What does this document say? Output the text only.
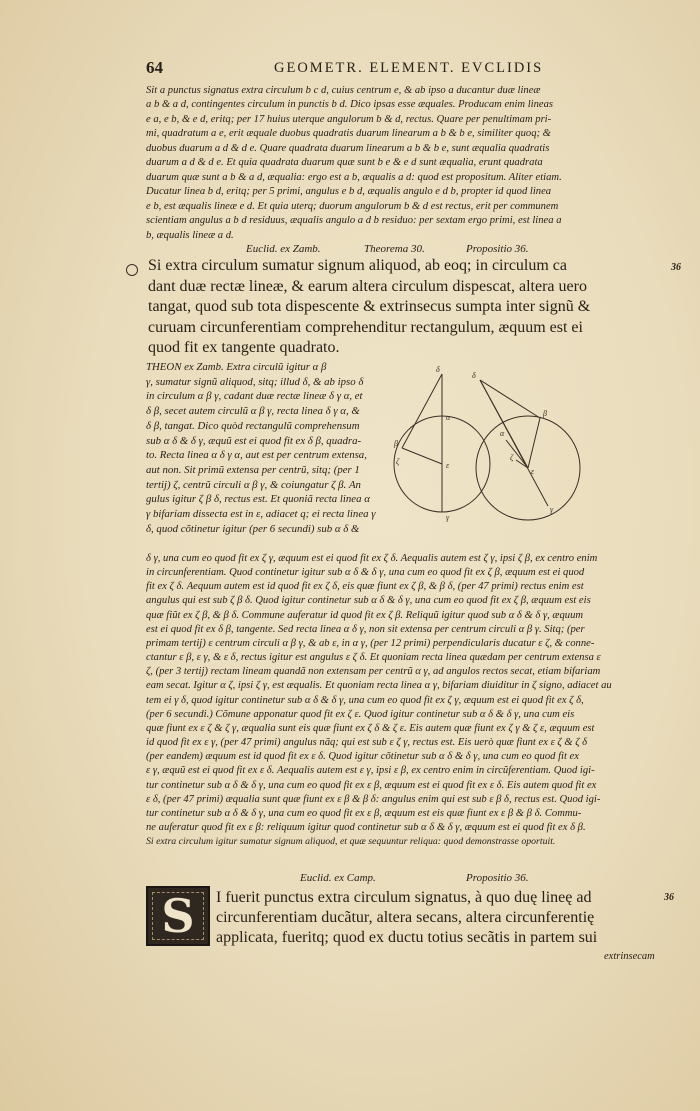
64	GEOMETR. ELEMENT. EVCLIDIS
Sit a punctus signatus extra circulum b c d, cuius centrum e, & ab ipso a ducantur duæ lineæ
a b & a d, contingentes circulum in punctis b d. Dico ipsas esse æquales. Producam enim lineas
e a, e b, & e d, eritq; per 17 huius uterque angulorum b & d, rectus. Quare per penultimam pri-
mi, quadratum a e, erit æquale duobus quadratis duarum linearum a b & b e, similiter quoq; &
duobus duarum a d & d e. Quare quadrata duarum linearum a b & b e, sunt æqualia quadratis
duarum a d & d e. Et quia quadrata duarum quæ sunt b e & e d sunt æqualia, erunt quadrata
duarum quæ sunt a b & a d, æqualia: ergo est a b, æqualis a d: quod est propositum. Aliter etiam.
Ducatur linea b d, eritq; per 5 primi, angulus e b d, æqualis angulo e d b, propter id quod linea
e b, est æqualis lineæ e d. Et quia uterq; duorum angulorum b & d est rectus, erit per communem
scientiam angulus a b d residuus, æqualis angulo a d b residuo: per sextam ergo primi, est linea a
b, æqualis lineæ a d.
Euclid. ex Zamb.	Theorema 30.	Propositio 36.
36
Si extra circulum sumatur signum aliquod, ab eoq; in circulum ca
dant duæ rectæ lineæ, & earum altera circulum dispescat, altera uero
tangat, quod sub tota dispescente & extrinsecus sumpta inter signũ &
curuam circunferentiam comprehenditur rectangulum, æquum est ei
quod fit ex tangente quadrato.
THEON ex Zamb. Extra circulũ igitur α β
γ, sumatur signũ aliquod, sitq; illud δ, & ab ipso δ
in circulum α β γ, cadant duæ rectæ lineæ δ γ α, et
δ β, secet autem circulũ α β γ, recta linea δ γ α, &
δ β, tangat. Dico quòd rectangulũ comprehensum
sub α δ & δ γ, æquũ est ei quod fit ex δ β, quadra-
to. Recta linea α δ γ α, aut est per centrum extensa,
aut non. Sit primũ extensa per centrũ, sitq; (per 1
tertij) ζ, centrũ circuli α β γ, & coiungatur ζ β. An
gulus igitur ζ β δ, rectus est. Et quoniã recta linea α
γ bifariam dissecta est in ε, adiacet q; ei recta linea γ
δ, quod cõtinetur igitur (per 6 secundi) sub α δ &
δ
α
β
ε
γ
ζ
δ
α
β
ε
γ
ζ
δ γ, una cum eo quod fit ex ζ γ, æquum est ei quod fit ex ζ δ. Aequalis autem est ζ γ, ipsi ζ β, ex centro enim
in circunferentiam. Quod continetur igitur sub α δ & δ γ, una cum eo quod fit ex ζ β, æquum est ei quod
fit ex ζ δ. Aequum autem est id quod fit ex ζ δ, eis quæ fiunt ex ζ β, & β δ, (per 47 primi) rectus enim est
angulus qui est sub ζ β δ. Quod igitur continetur sub α δ & δ γ, una cum eo quod fit ex ζ β, æquum est eis
quæ fiũt ex ζ β, & β δ. Commune auferatur id quod fit ex ζ β. Reliquũ igitur quod sub α δ & δ γ, æquum
est ei quod fit ex δ β, tangente. Sed recta linea α δ γ, non sit extensa per centrum circuli α β γ. Sitq; (per
primam tertij) ε centrum circuli α β γ, & ab ε, in α γ, (per 12 primi) perpendicularis ducatur ε ζ, & conne-
ctantur ε β, ε γ, & ε δ, rectus igitur est angulus ε ζ δ. Et quoniam recta linea quædam per centrum extensa ε
ζ, (per 3 tertij) rectam lineam quandã non extensam per centrũ α γ, ad angulos rectos secat, etiam bifariam
eam secat. Igitur α ζ, ipsi ζ γ, est æqualis. Et quoniam recta linea α γ, bifariam diuiditur in ζ signo, adiacet au
tem ei γ δ, quod igitur continetur sub α δ & δ γ, una cum eo quod fit ex ζ γ, æquum est ei quod fit ex ζ δ,
(per 6 secundi.) Cõmune apponatur quod fit ex ζ ε. Quod igitur continetur sub α δ & δ γ, una cum eis
quæ fiunt ex ε ζ & ζ γ, æqualia sunt eis quæ fiunt ex ζ δ & ζ ε. Eis autem quæ fiunt ex ζ γ & ζ ε, æquum est
id quod fit ex ε γ, (per 47 primi) angulus nãq; qui est sub ε ζ γ, rectus est. Eis uerò quæ fiunt ex ε ζ & ζ δ
(per eandem) æquum est id quod fit ex ε δ. Quod igitur cõtinetur sub α δ & δ γ, una cum eo quod fit ex
ε γ, æquũ est ei quod fit ex ε δ. Aequalis autem est ε γ, ipsi ε β, ex centro enim in circũferentiam. Quod igi-
tur continetur sub α δ & δ γ, una cum eo quod fit ex ε β, æquum est ei quod fit ex ε δ. Eis autem quod fit ex
ε δ, (per 47 primi) æqualia sunt quæ fiunt ex ε β & β δ: angulus enim qui est sub ε β δ, rectus est. Quod igi-
tur continetur sub α δ & δ γ, una cum eo quod fit ex ε β, æquum est eis quæ fiunt ex ε β & β δ. Commu-
ne auferatur quod fit ex ε β: reliquum igitur quod continetur sub α δ & δ γ, æquum est ei quod fit ex δ β.
Si extra circulum igitur sumatur signum aliquod, et quæ sequuntur reliqua: quod demonstrasse oportuit.
Euclid. ex Camp.	Propositio 36.
36
S	I fuerit punctus extra circulum signatus, à quo duę lineę ad
circunferentiam ducãtur, altera secans, altera circunferentię
applicata, fueritq; quod ex ductu totius secãtis in partem sui
extrinsecam
